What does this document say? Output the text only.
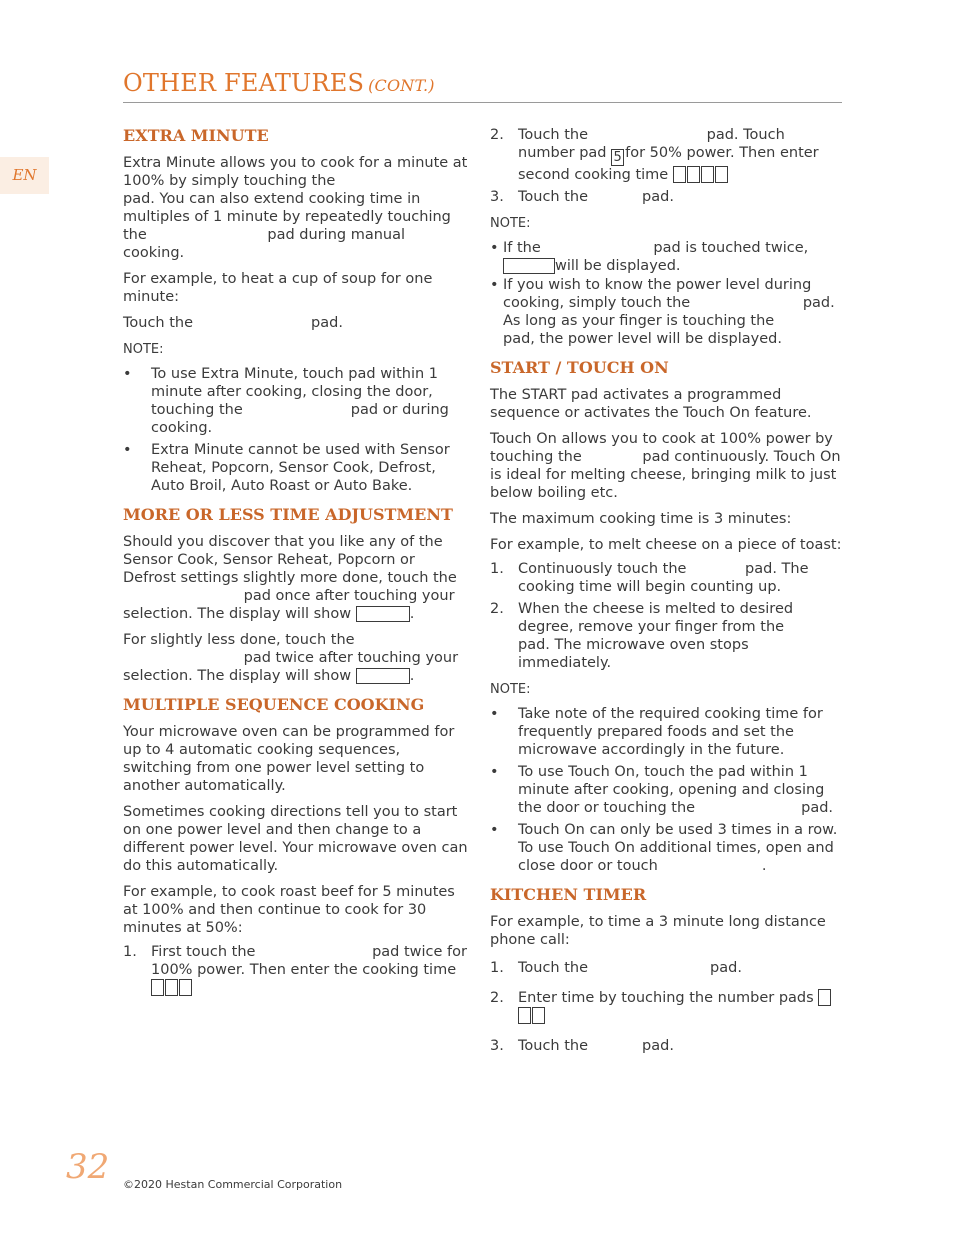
OTHER FEATURES (CONT.)
EN
EXTRA MINUTE

Extra Minute allows you to cook for a minute at 100% by simply touching the pad. You can also extend cooking time in multiples of 1 minute by repeatedly touching the	pad during manual cooking.

For example, to heat a cup of soup for one minute:

Touch the	pad.

NOTE:
• To use Extra Minute, touch pad within 1 minute after cooking, closing the door, touching the	pad or during cooking.
• Extra Minute cannot be used with Sensor Reheat, Popcorn, Sensor Cook, Defrost, Auto Broil, Auto Roast or Auto Bake.
MORE OR LESS TIME ADJUSTMENT

Should you discover that you like any of the Sensor Cook, Sensor Reheat, Popcorn or Defrost settings slightly more done, touch the pad once after touching your selection. The display will show	.

For slightly less done, touch the pad twice after touching your selection. The display will show	.

MULTIPLE SEQUENCE COOKING

Your microwave oven can be programmed for up to 4 automatic cooking sequences, switching from one power level setting to another automatically.

Sometimes cooking directions tell you to start on one power level and then change to a different power level. Your microwave oven can do this automatically.

For example, to cook roast beef for 5 minutes at 100% and then continue to cook for 30 minutes at 50%:

1. First touch the	pad twice for 100% power. Then enter the cooking time
2. Touch the	pad. Touch number pad 5 for 50% power. Then enter second cooking time
3. Touch the	pad.
NOTE:
• If the	pad is touched twice, will be displayed.
• If you wish to know the power level during cooking, simply touch the	pad. As long as your finger is touching the pad, the power level will be displayed.
START / TOUCH ON

The START pad activates a programmed sequence or activates the Touch On feature.

Touch On allows you to cook at 100% power by touching the	pad continuously. Touch On is ideal for melting cheese, bringing milk to just below boiling etc.

The maximum cooking time is 3 minutes:

For example, to melt cheese on a piece of toast:

1. Continuously touch the	pad. The cooking time will begin counting up.
2. When the cheese is melted to desired degree, remove your finger from the pad. The microwave oven stops immediately.
NOTE:
• Take note of the required cooking time for frequently prepared foods and set the microwave accordingly in the future.
• To use Touch On, touch the pad within 1 minute after cooking, opening and closing the door or touching the	pad.
• Touch On can only be used 3 times in a row. To use Touch On additional times, open and close door or touch	.
KITCHEN TIMER

For example, to time a 3 minute long distance phone call:

1. Touch the	pad.
2. Enter time by touching the number pads
3. Touch the	pad.
32 ©2020 Hestan Commercial Corporation
